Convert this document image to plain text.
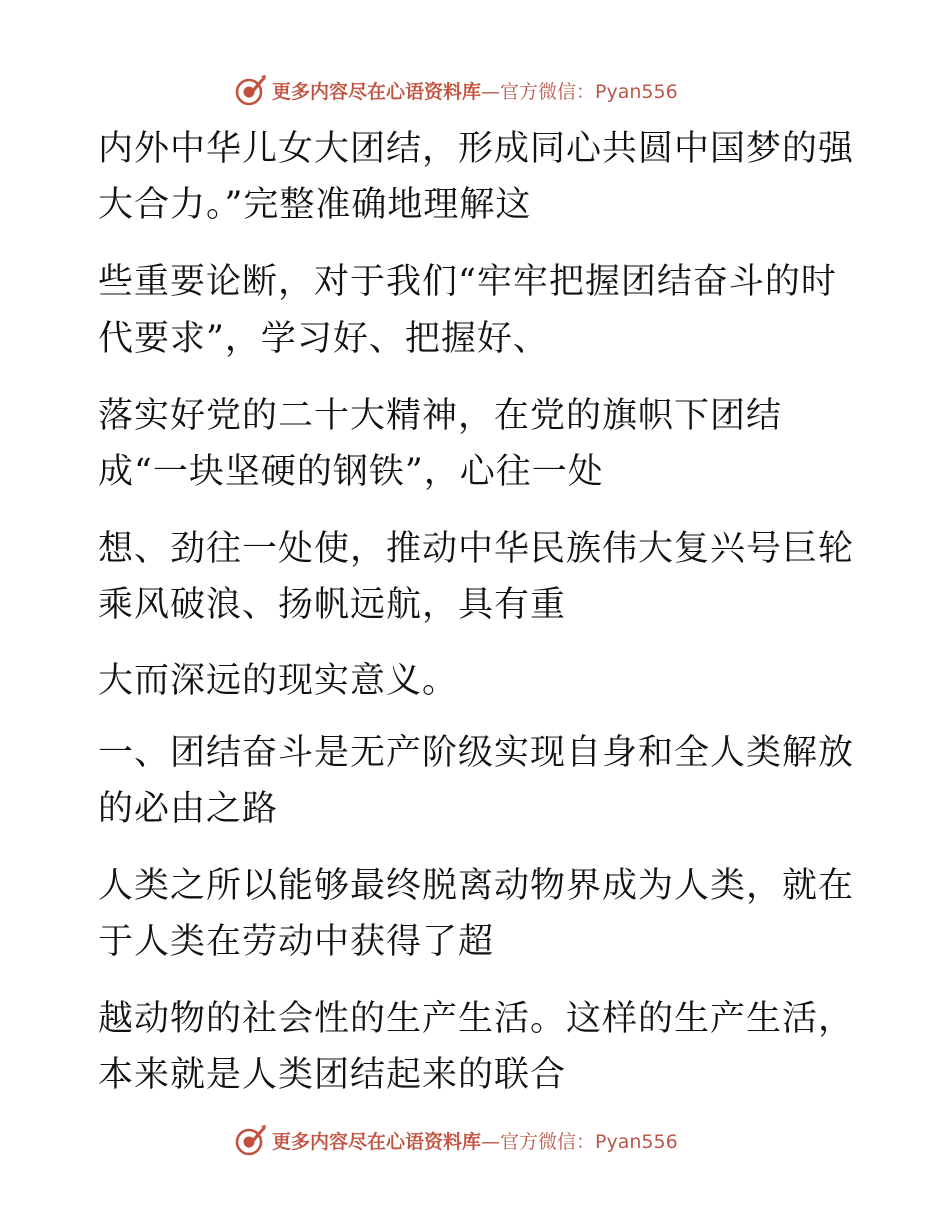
更多内容尽在心语资料库—官方微信：Pyan556
内外中华儿女大团结，形成同心共圆中国梦的强
大合力。”完整准确地理解这
些重要论断，对于我们“牢牢把握团结奋斗的时
代要求”，学习好、把握好、
落实好党的二十大精神，在党的旗帜下团结
成“一块坚硬的钢铁”，心往一处
想、劲往一处使，推动中华民族伟大复兴号巨轮
乘风破浪、扬帆远航，具有重
大而深远的现实意义。
一、团结奋斗是无产阶级实现自身和全人类解放
的必由之路
人类之所以能够最终脱离动物界成为人类，就在
于人类在劳动中获得了超
越动物的社会性的生产生活。这样的生产生活，
本来就是人类团结起来的联合
更多内容尽在心语资料库—官方微信：Pyan556
